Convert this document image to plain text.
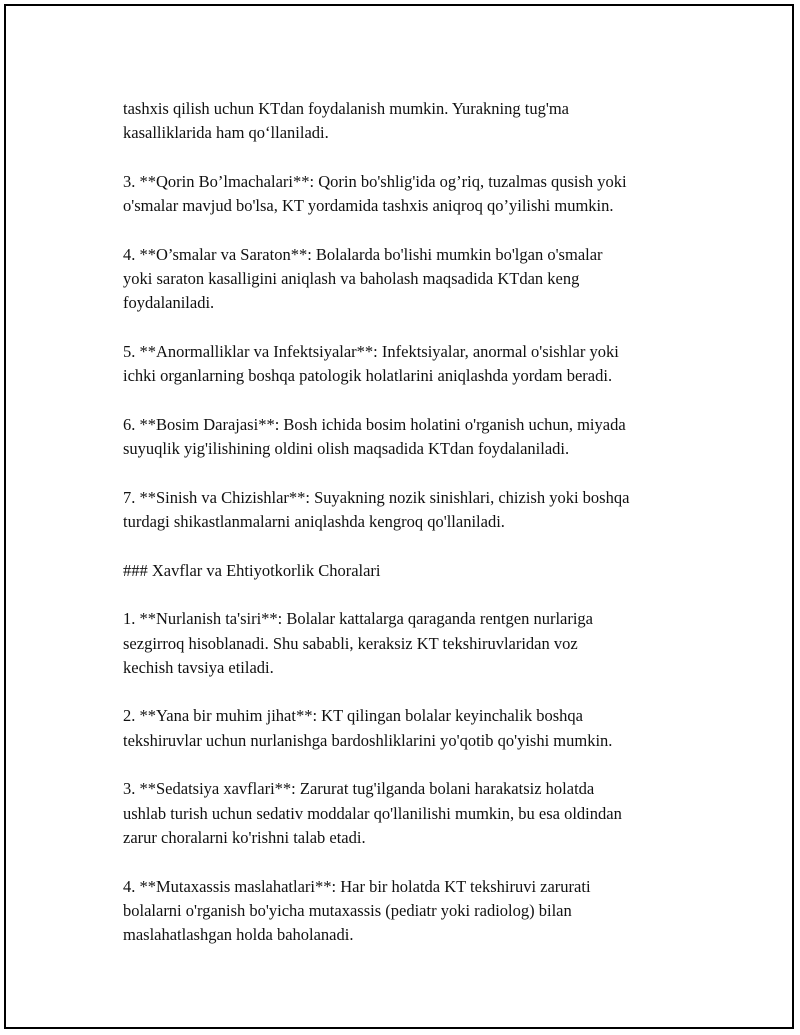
tashxis qilish uchun KTdan foydalanish mumkin. Yurakning tug'ma
kasalliklarida ham qo‘llaniladi.

3. **Qorin Bo’lmachalari**: Qorin bo'shlig'ida og’riq, tuzalmas qusish yoki
o'smalar mavjud bo'lsa, KT yordamida tashxis aniqroq qo’yilishi mumkin.

4. **O’smalar va Saraton**: Bolalarda bo'lishi mumkin bo'lgan o'smalar
yoki saraton kasalligini aniqlash va baholash maqsadida KTdan keng
foydalaniladi.

5. **Anormalliklar va Infektsiyalar**: Infektsiyalar, anormal o'sishlar yoki
ichki organlarning boshqa patologik holatlarini aniqlashda yordam beradi.

6. **Bosim Darajasi**: Bosh ichida bosim holatini o'rganish uchun, miyada
suyuqlik yig'ilishining oldini olish maqsadida KTdan foydalaniladi.

7. **Sinish va Chizishlar**: Suyakning nozik sinishlari, chizish yoki boshqa
turdagi shikastlanmalarni aniqlashda kengroq qo'llaniladi.

### Xavflar va Ehtiyotkorlik Choralari

1. **Nurlanish ta'siri**: Bolalar kattalarga qaraganda rentgen nurlariga
sezgirroq hisoblanadi. Shu sababli, keraksiz KT tekshiruvlaridan voz
kechish tavsiya etiladi.

2. **Yana bir muhim jihat**: KT qilingan bolalar keyinchalik boshqa
tekshiruvlar uchun nurlanishga bardoshliklarini yo'qotib qo'yishi mumkin.

3. **Sedatsiya xavflari**: Zarurat tug'ilganda bolani harakatsiz holatda
ushlab turish uchun sedativ moddalar qo'llanilishi mumkin, bu esa oldindan
zarur choralarni ko'rishni talab etadi.

4. **Mutaxassis maslahatlari**: Har bir holatda KT tekshiruvi zarurati
bolalarni o'rganish bo'yicha mutaxassis (pediatr yoki radiolog) bilan
maslahatlashgan holda baholanadi.
